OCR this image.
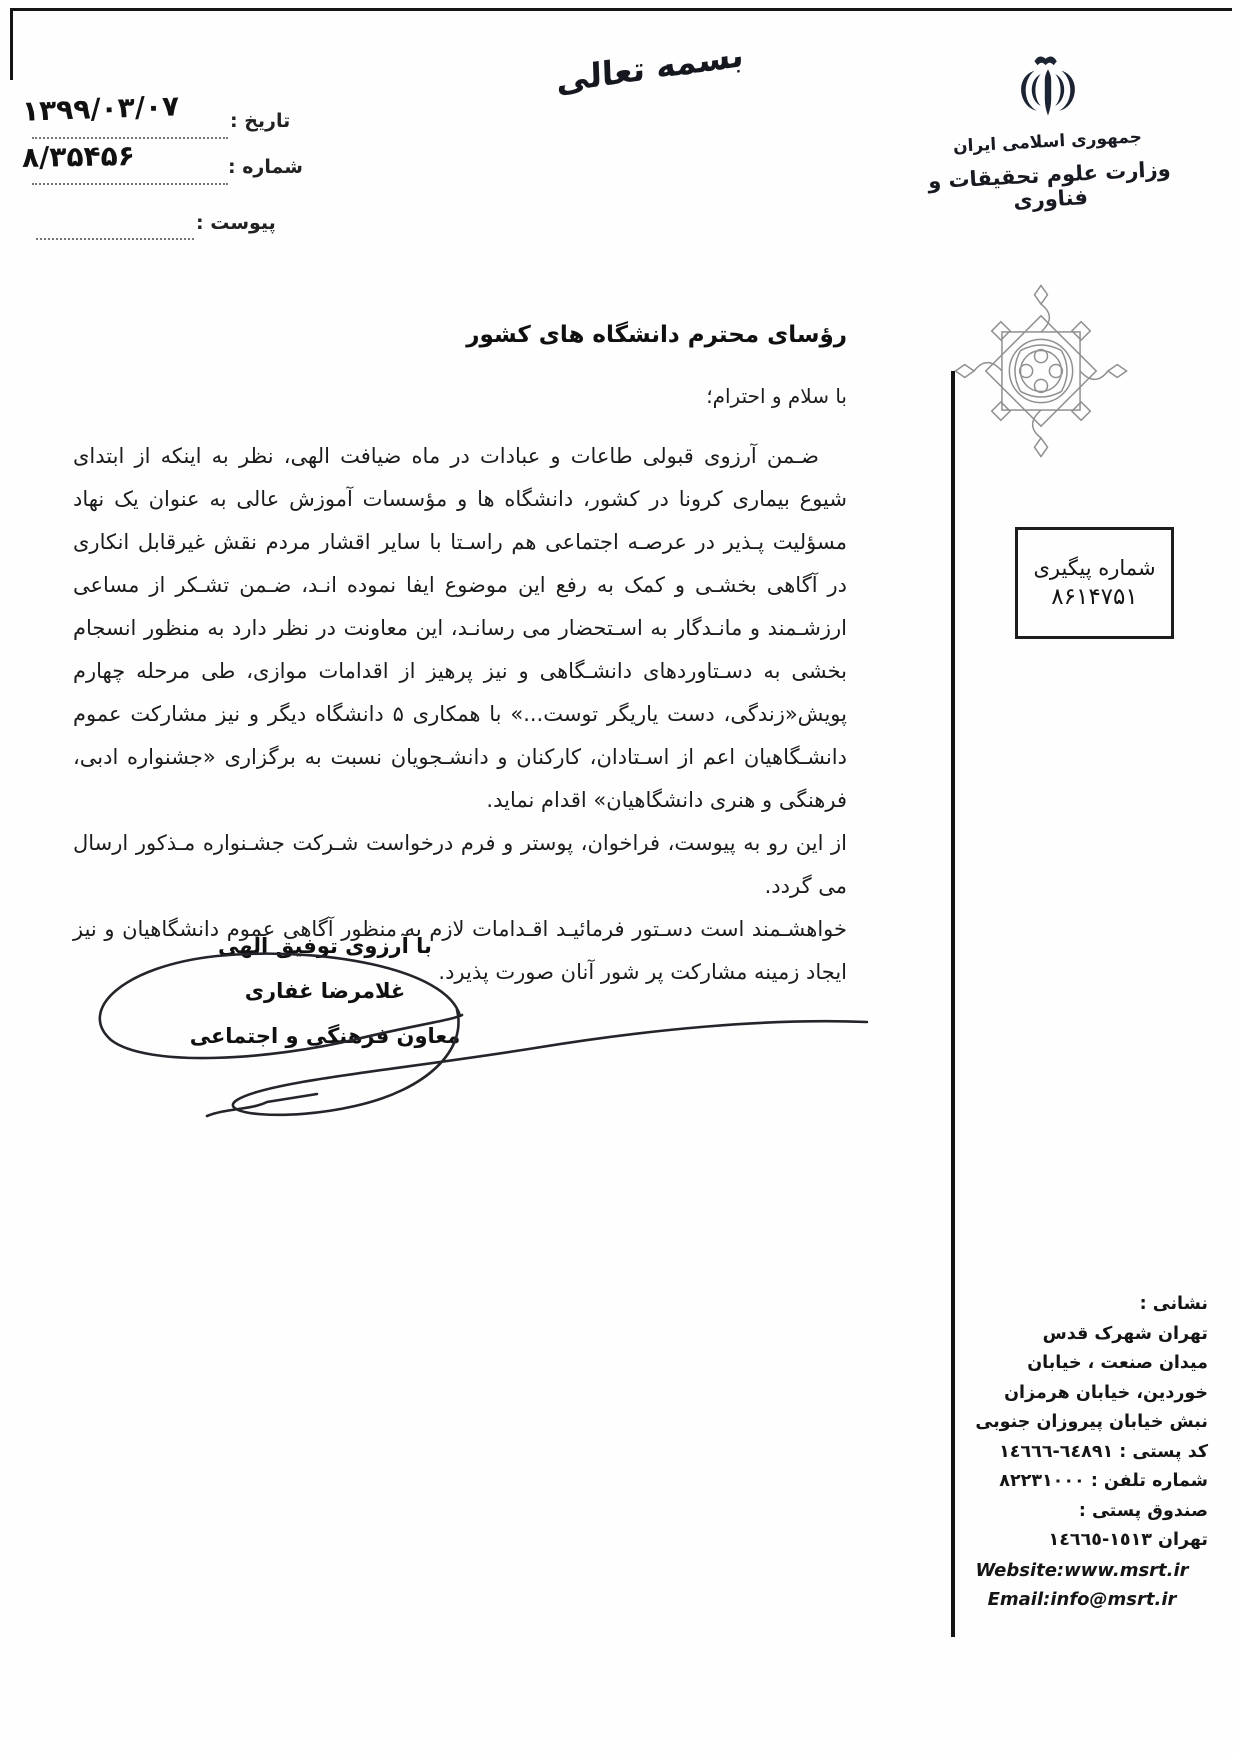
بسمه تعالی
جمهوری اسلامی ایران
وزارت علوم تحقیقات و فناوری
۱۳۹۹/۰۳/۰۷	تاریخ :
۸/۳۵۴۵۶	شماره :
پیوست :
شماره پیگیری
۸۶۱۴۷۵۱
رؤسای محترم دانشگاه های کشور
با سلام و احترام؛

ضـمن آرزوی قبولی طاعات و عبادات در ماه ضیافت الهی، نظر به اینکه از ابتدای شیوع بیماری کرونا در کشور، دانشگاه ها و مؤسسات آموزش عالی به عنوان یک نهاد مسؤلیت پـذیر در عرصـه اجتماعی هم راسـتا با سایر اقشار مردم نقش غیرقابل انکاری در آگاهی بخشـی و کمک به رفع این موضوع ایفا نموده انـد، ضـمن تشـکر از مساعی ارزشـمند و مانـدگار به اسـتحضار می رسانـد، این معاونت در نظر دارد به منظور انسجام بخشی به دسـتاوردهای دانشـگاهی و نیز پرهیز از اقدامات موازی، طی مرحله چهارم پویش«زندگی، دست یاریگر توست...» با همکاری ۵ دانشگاه دیگر و نیز مشارکت عموم دانشـگاهیان اعم از اسـتادان، کارکنان و دانشـجویان نسبت به برگزاری «جشنواره ادبی، فرهنگی و هنری دانشگاهیان» اقدام نماید.

از این رو به پیوست، فراخوان، پوستر و فرم درخواست شـرکت جشـنواره مـذکور ارسال می گردد.

خواهشـمند است دسـتور فرمائیـد اقـدامات لازم به منظور آگاهی عموم دانشگاهیان و نیز ایجاد زمینه مشارکت پر شور آنان صورت پذیرد.

با آرزوی توفیق الهی
غلامرضا غفاری
معاون فرهنگی و اجتماعی
نشانی :
تهران شهرک قدس
میدان صنعت ، خیابان
خوردین، خیابان هرمزان
نبش خیابان پیروزان جنوبی
کد پستی : ٦٤٨٩١-١٤٦٦٦
شماره تلفن : ٨٢٢٣١٠٠٠
صندوق پستی :
تهران ١٥١٣-١٤٦٦٥
Website:www.msrt.ir
Email:info@msrt.ir
